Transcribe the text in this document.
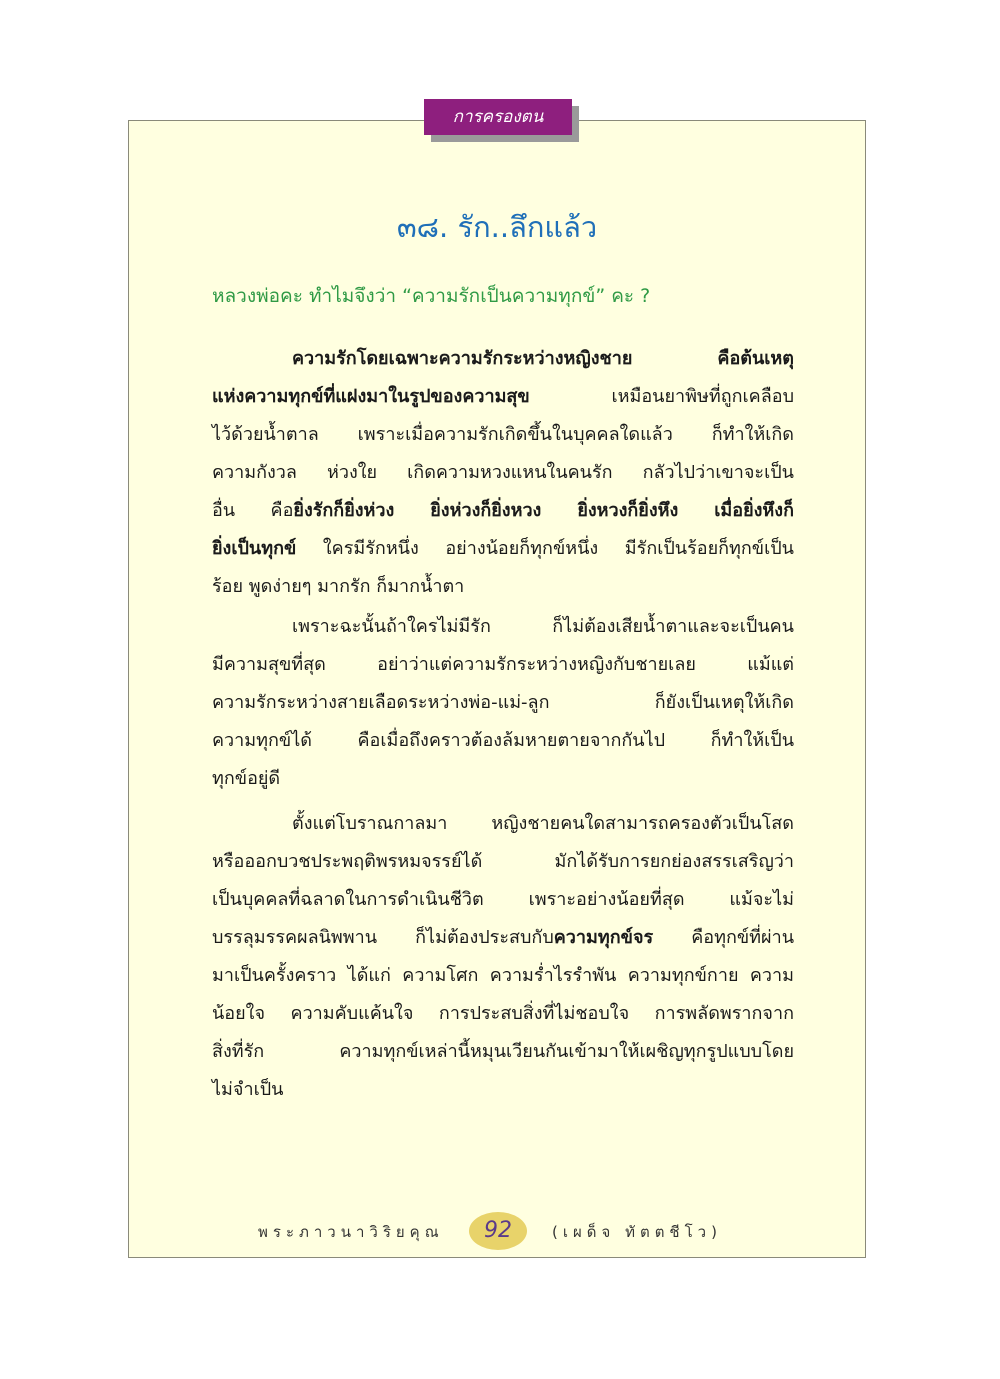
การครองตน
๓๘. รัก..ลึกแล้ว
หลวงพ่อคะ ทำไมจึงว่า “ความรักเป็นความทุกข์” คะ ?
ความรักโดยเฉพาะความรักระหว่างหญิงชาย คือต้นเหตุ
แห่งความทุกข์ที่แฝงมาในรูปของความสุข เหมือนยาพิษที่ถูกเคลือบ
ไว้ด้วยน้ำตาล เพราะเมื่อความรักเกิดขึ้นในบุคคลใดแล้ว ก็ทำให้เกิด
ความกังวล ห่วงใย เกิดความหวงแหนในคนรัก กลัวไปว่าเขาจะเป็น
อื่น คือยิ่งรักก็ยิ่งห่วง ยิ่งห่วงก็ยิ่งหวง ยิ่งหวงก็ยิ่งหึง เมื่อยิ่งหึงก็
ยิ่งเป็นทุกข์ ใครมีรักหนึ่ง อย่างน้อยก็ทุกข์หนึ่ง มีรักเป็นร้อยก็ทุกข์เป็น
ร้อย พูดง่ายๆ มากรัก ก็มากน้ำตา
เพราะฉะนั้นถ้าใครไม่มีรัก ก็ไม่ต้องเสียน้ำตาและจะเป็นคน
มีความสุขที่สุด อย่าว่าแต่ความรักระหว่างหญิงกับชายเลย แม้แต่
ความรักระหว่างสายเลือดระหว่างพ่อ-แม่-ลูก ก็ยังเป็นเหตุให้เกิด
ความทุกข์ได้ คือเมื่อถึงคราวต้องล้มหายตายจากกันไป ก็ทำให้เป็น
ทุกข์อยู่ดี
ตั้งแต่โบราณกาลมา หญิงชายคนใดสามารถครองตัวเป็นโสด
หรือออกบวชประพฤติพรหมจรรย์ได้ มักได้รับการยกย่องสรรเสริญว่า
เป็นบุคคลที่ฉลาดในการดำเนินชีวิต เพราะอย่างน้อยที่สุด แม้จะไม่
บรรลุมรรคผลนิพพาน ก็ไม่ต้องประสบกับความทุกข์จร คือทุกข์ที่ผ่าน
มาเป็นครั้งคราว ได้แก่ ความโศก ความร่ำไรรำพัน ความทุกข์กาย ความ
น้อยใจ ความคับแค้นใจ การประสบสิ่งที่ไม่ชอบใจ การพลัดพรากจาก
สิ่งที่รัก ความทุกข์เหล่านี้หมุนเวียนกันเข้ามาให้เผชิญทุกรูปแบบโดย
ไม่จำเป็น
พระภาวนาวิริยคุณ	92	(เผด็จ ทัตตชีโว)
